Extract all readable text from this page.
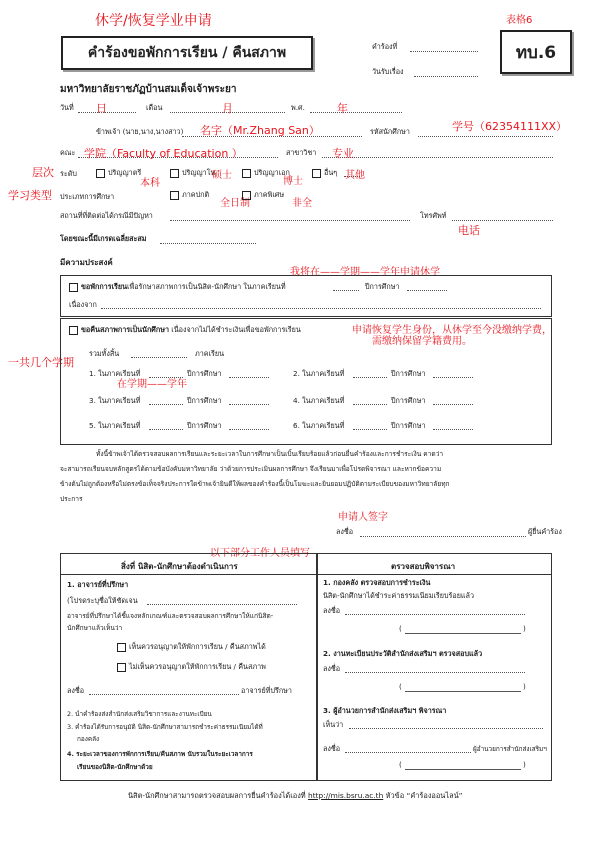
休学/恢复学业申请	表格6
คำร้องขอพักการเรียน / คืนสภาพ	ทบ.6
คำร้องที่
วันรับเรื่อง
มหาวิทยาลัยราชภัฏบ้านสมเด็จเจ้าพระยา
วันที่ 日	เดือน	月	พ.ศ.	年
ข้าพเจ้า (นาย,นาง,นางสาว) 名字（Mr.Zhang San）	รหัสนักศึกษา	学号（62354111XX）
คณะ 学院（Faculty of Education ）	สาขาวิชา 专业
层次 ระดับ	ปริญญาตรี
本科
ปริญญาโท
硕士	ปริญญาเอก
博士
อื่นๆ 其他
学习类型 ประเภทการศึกษา	ภาคปกติ
全日制
ภาคพิเศษ
非全
สถานที่ที่ติดต่อได้กรณีมีปัญหา	โทรศัพท์
电话
โดยขณะนี้มีเกรดเฉลี่ยสะสม
มีความประสงค์
我将在——学期——学年申请休学
ขอพักการเรียนเพื่อรักษาสภาพการเป็นนิสิต-นักศึกษา ในภาคเรียนที่	ปีการศึกษา
เนื่องจาก
申请恢复学生身份，从休学至今没缴纳学费，
需缴纳保留学籍费用。
一共几个学期
ขอคืนสภาพการเป็นนักศึกษา เนื่องจากไม่ได้ชำระเงินเพื่อขอพักการเรียน
รวมทั้งสิ้น	ภาคเรียน
1. ในภาคเรียนที่	ปีการศึกษา	2. ในภาคเรียนที่	ปีการศึกษา
在学期——学年
3. ในภาคเรียนที่	ปีการศึกษา	4. ในภาคเรียนที่	ปีการศึกษา
5. ในภาคเรียนที่	ปีการศึกษา	6. ในภาคเรียนที่	ปีการศึกษา
ทั้งนี้ข้าพเจ้าได้ตรวจสอบผลการเรียนและระยะเวลาในการศึกษาเป็นเบิ้นเรียบร้อยแล้วก่อนยื่นคำร้องและการชำระเงิน คาดว่า
จะสามารถเรียนจบหลักสูตรได้ตามข้อบังคับมหาวิทยาลัย ว่าด้วยการประเมินผลการศึกษา จึงเรียนมาเพื่อโปรดพิจารณา และหากข้อความ
ข้างต้นไม่ถูกต้องหรือไม่ตรงข้อเท็จจริงประการใดข้าพเจ้ายินดีให้ผลของคำร้องนี้เป็นโมฆะและยินยอมปฏิบัติตามระเบียบของมหาวิทยาลัยทุก
ประการ
申请人签字
ลงชื่อ	ผู้ยื่นคำร้อง
以下部分工作人员填写
สิ่งที่ นิสิต-นักศึกษาต้องดำเนินการ
1. อาจารย์ที่ปรึกษา
(โปรดระบุชื่อให้ชัดเจน
อาจารย์ที่ปรึกษาได้ชี้แจงหลักเกณฑ์และตรวจสอบผลการศึกษาให้แก่นิสิต-
นักศึกษาแล้วเห็นว่า
เห็นควรอนุญาตให้พักการเรียน / คืนสภาพได้
ไม่เห็นควรอนุญาตให้พักการเรียน / คืนสภาพ
ลงชื่อ	อาจารย์ที่ปรึกษา
2. นำคำร้องส่งสำนักส่งเสริมวิชาการและงานทะเบียน
3. คำร้องได้รับการอนุมัติ นิสิต-นักศึกษาสามารถชำระค่าธรรมเนียมได้ที่
กองคลัง
4. ระยะเวลาของการพักการเรียน/คืนสภาพ นับรวมในระยะเวลาการ
เรียนของนิสิต-นักศึกษาด้วย
ตรวจสอบพิจารณา
1. กองคลัง ตรวจสอบการชำระเงิน
นิสิต-นักศึกษาได้ชำระค่าธรรมเนียมเรียบร้อยแล้ว
ลงชื่อ
(	)
2. งานทะเบียนประวัติสำนักส่งเสริมฯ ตรวจสอบแล้ว
ลงชื่อ
(	)
3. ผู้อำนวยการสำนักส่งเสริมฯ พิจารณา
เห็นว่า
ลงชื่อ	ผู้อำนวยการสำนักส่งเสริมฯ
(	)
นิสิต-นักศึกษาสามารถตรวจสอบผลการยื่นคำร้องได้เองที่ http://mis.bsru.ac.th หัวข้อ “คำร้องออนไลน์”
